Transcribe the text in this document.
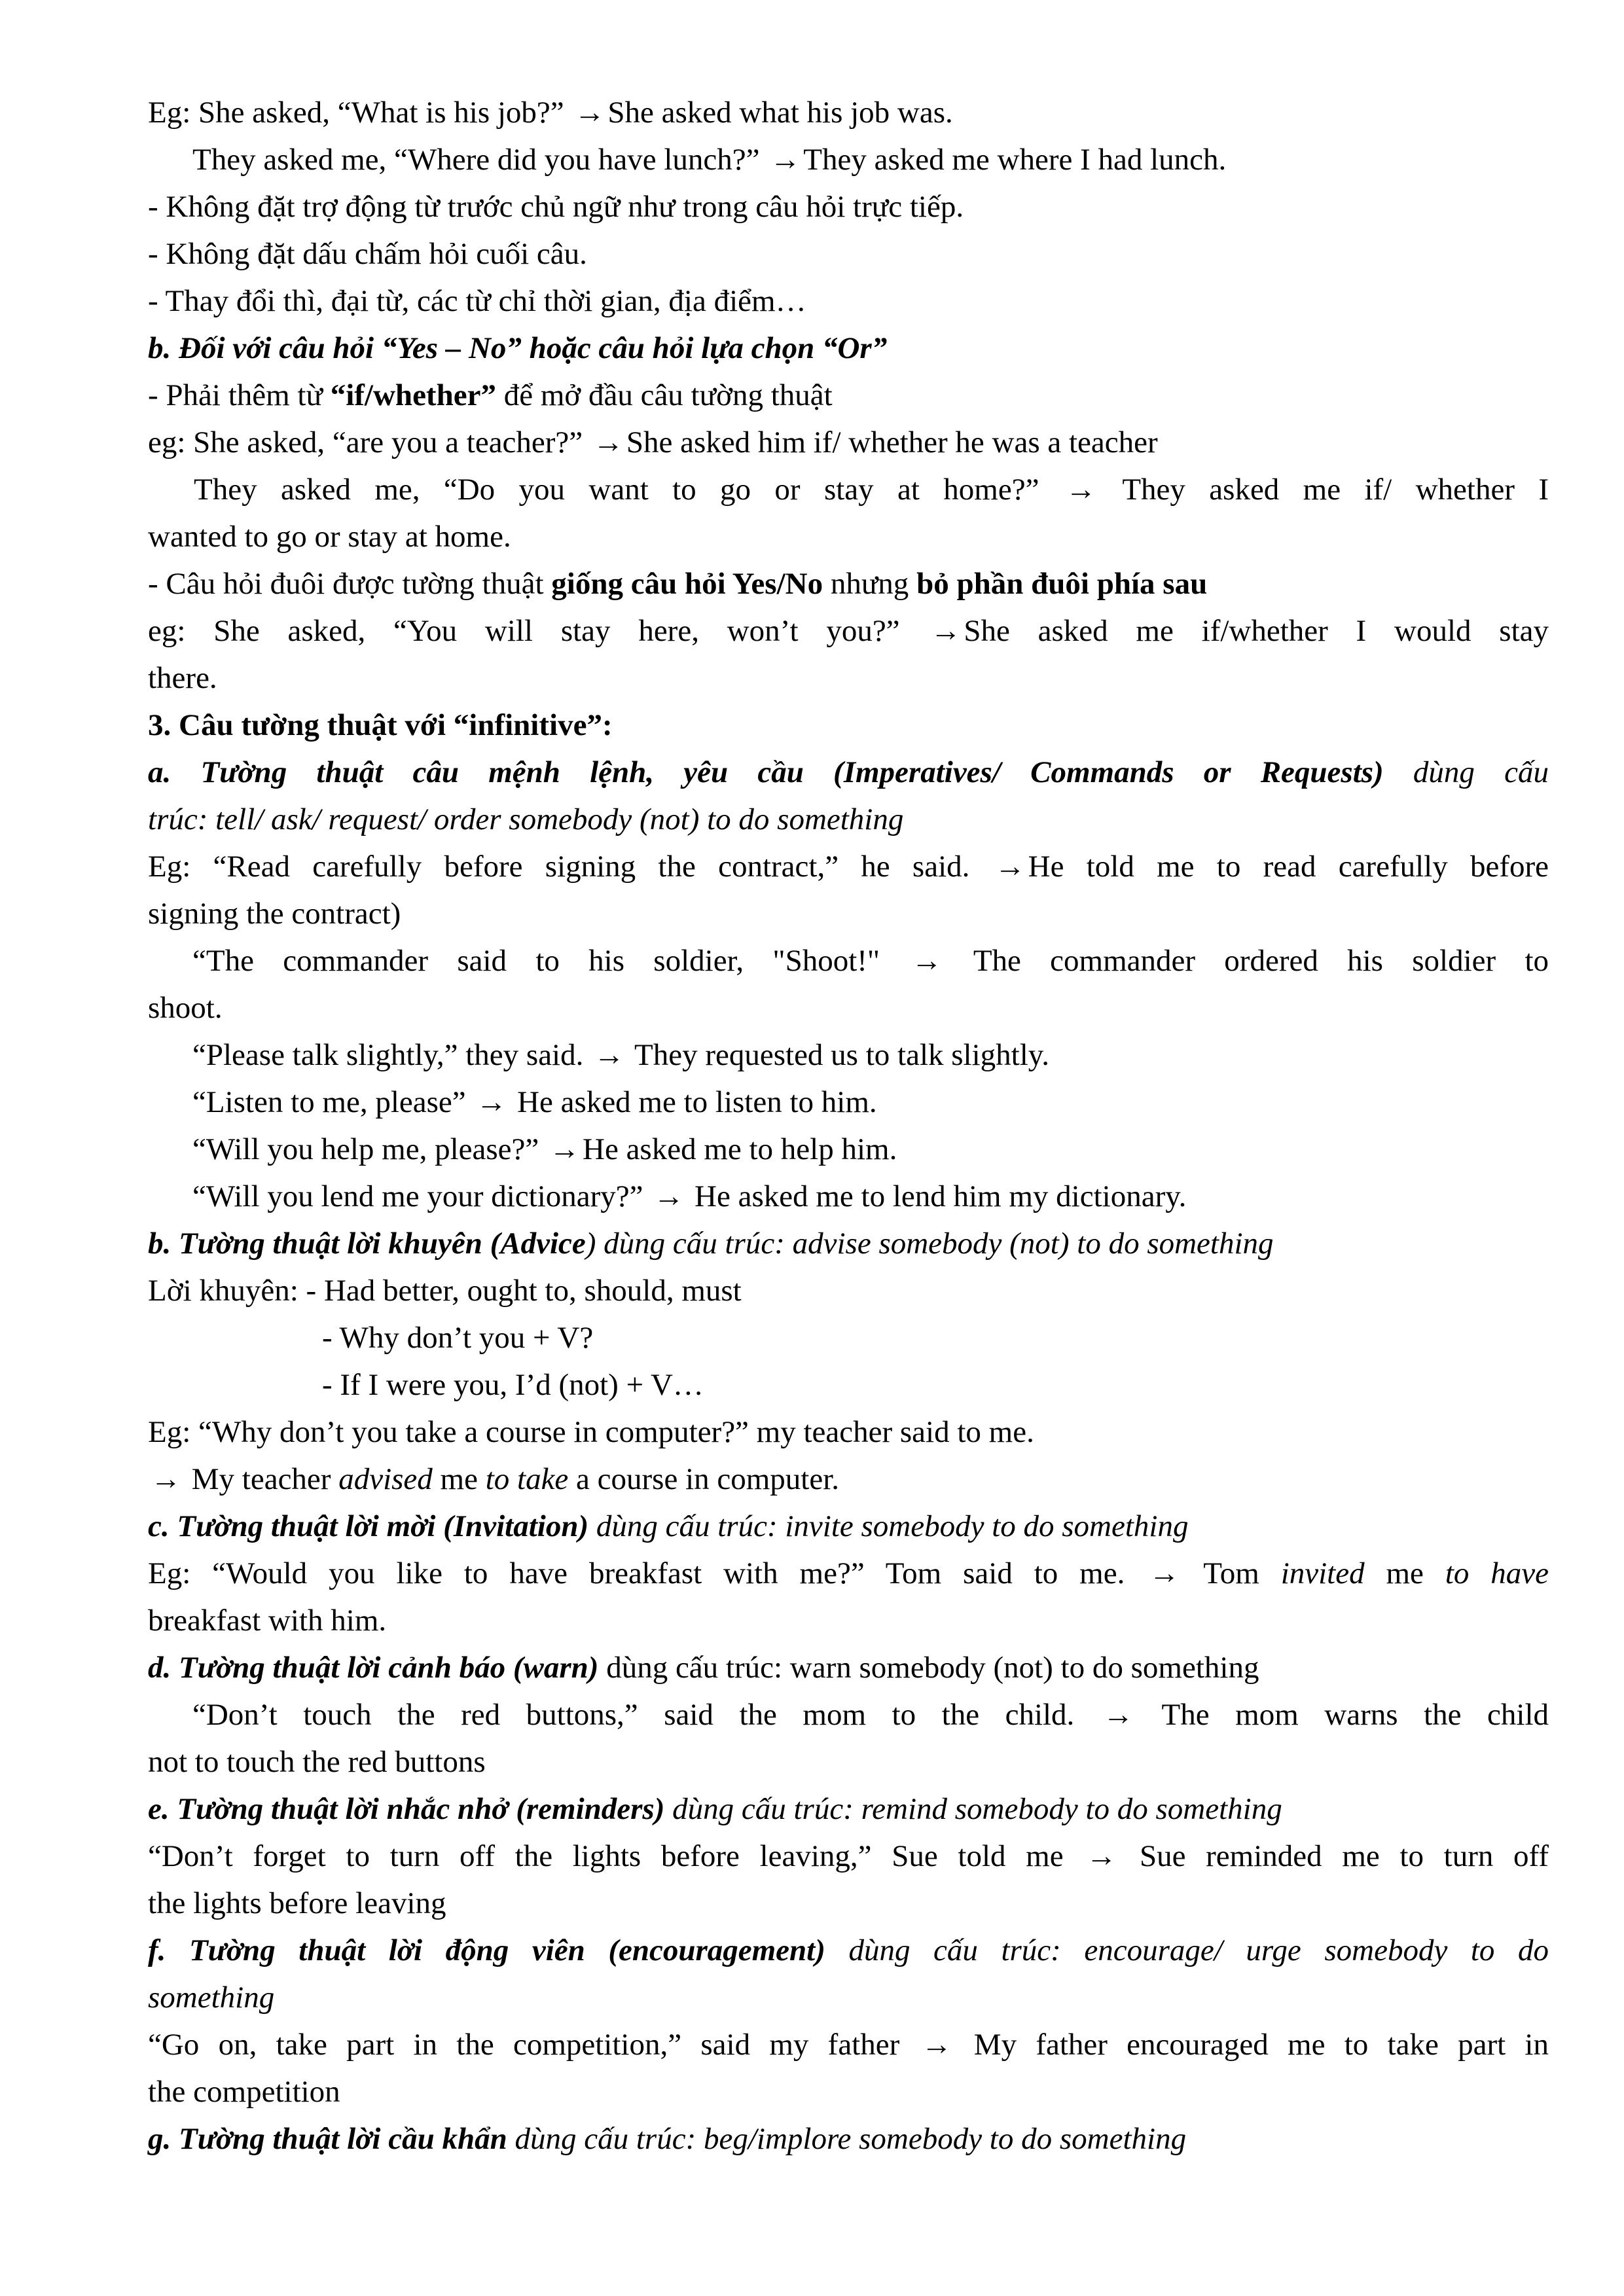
Eg: She asked, “What is his job?” →She asked what his job was.
They asked me, “Where did you have lunch?” →They asked me where I had lunch.
- Không đặt trợ động từ trước chủ ngữ như trong câu hỏi trực tiếp.
- Không đặt dấu chấm hỏi cuối câu.
- Thay đổi thì, đại từ, các từ chỉ thời gian, địa điểm…
b. Đối với câu hỏi “Yes – No” hoặc câu hỏi lựa chọn “Or”
- Phải thêm từ “if/whether” để mở đầu câu tường thuật
eg: She asked, “are you a teacher?” →She asked him if/ whether he was a teacher
They asked me, “Do you want to go or stay at home?” → They asked me if/ whether I
wanted to go or stay at home.
- Câu hỏi đuôi được tường thuật giống câu hỏi Yes/No nhưng bỏ phần đuôi phía sau
eg: She asked, “You will stay here, won’t you?” →She asked me if/whether I would stay
there.
3. Câu tường thuật với “infinitive”:
a. Tường thuật câu mệnh lệnh, yêu cầu (Imperatives/ Commands or Requests) dùng cấu
trúc: tell/ ask/ request/ order somebody (not) to do something
Eg: “Read carefully before signing the contract,” he said. →He told me to read carefully before
signing the contract)
“The commander said to his soldier, "Shoot!" → The commander ordered his soldier to
shoot.
“Please talk slightly,” they said. → They requested us to talk slightly.
“Listen to me, please” → He asked me to listen to him.
“Will you help me, please?” →He asked me to help him.
“Will you lend me your dictionary?” → He asked me to lend him my dictionary.
b. Tường thuật lời khuyên (Advice) dùng cấu trúc: advise somebody (not) to do something
Lời khuyên: - Had better, ought to, should, must
- Why don’t you + V?
- If I were you, I’d (not) + V…
Eg: “Why don’t you take a course in computer?” my teacher said to me.
→ My teacher advised me to take a course in computer.
c. Tường thuật lời mời (Invitation) dùng cấu trúc: invite somebody to do something
Eg: “Would you like to have breakfast with me?” Tom said to me. → Tom invited me to have
breakfast with him.
d. Tường thuật lời cảnh báo (warn) dùng cấu trúc: warn somebody (not) to do something
“Don’t touch the red buttons,” said the mom to the child. → The mom warns the child
not to touch the red buttons
e. Tường thuật lời nhắc nhở (reminders) dùng cấu trúc: remind somebody to do something
“Don’t forget to turn off the lights before leaving,” Sue told me → Sue reminded me to turn off
the lights before leaving
f. Tường thuật lời động viên (encouragement) dùng cấu trúc: encourage/ urge somebody to do
something
“Go on, take part in the competition,” said my father → My father encouraged me to take part in
the competition
g. Tường thuật lời cầu khẩn dùng cấu trúc: beg/implore somebody to do something
